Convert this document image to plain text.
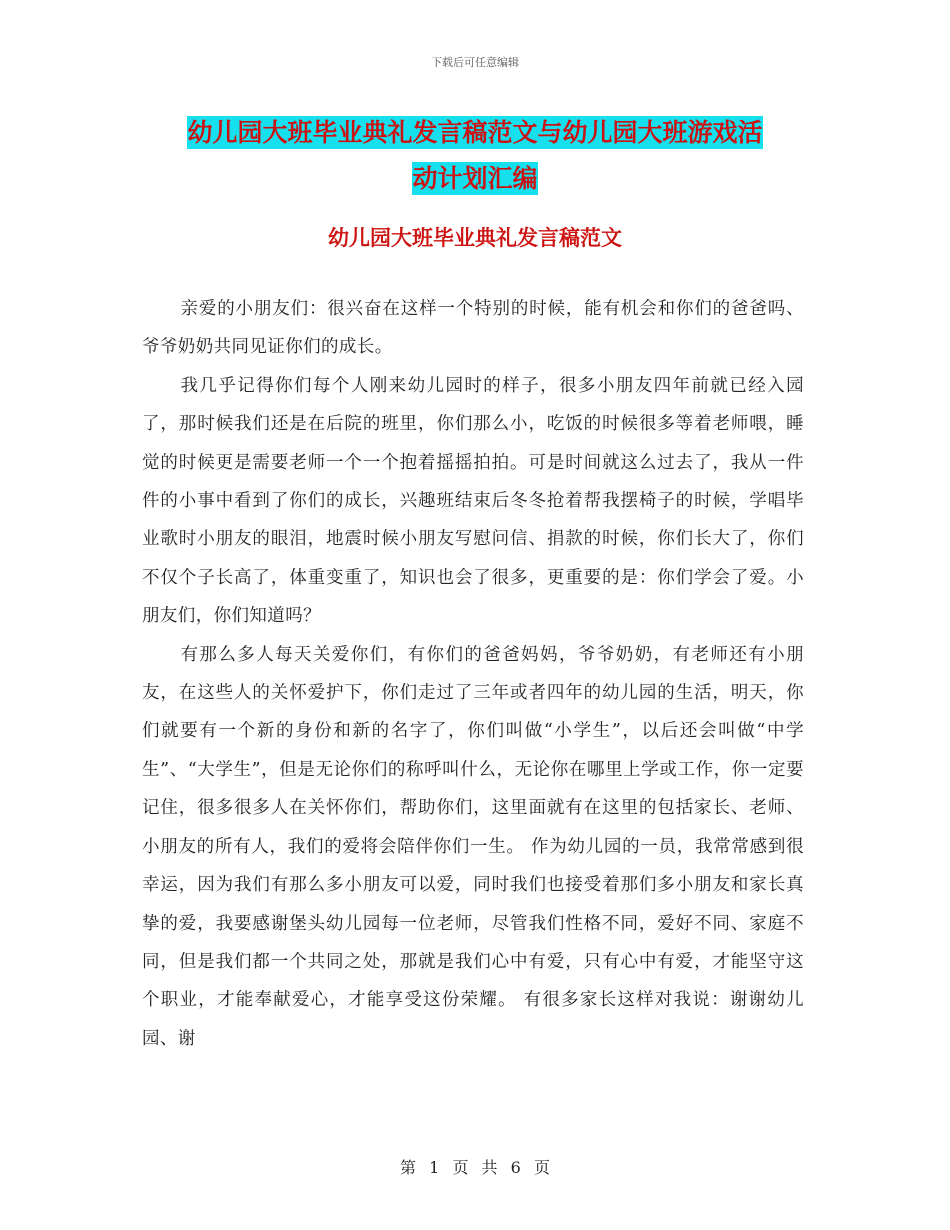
下载后可任意编辑
幼儿园大班毕业典礼发言稿范文与幼儿园大班游戏活
动计划汇编
幼儿园大班毕业典礼发言稿范文

亲爱的小朋友们：很兴奋在这样一个特别的时候，能有机会和你们的爸爸吗、爷爷奶奶共同见证你们的成长。

我几乎记得你们每个人刚来幼儿园时的样子，很多小朋友四年前就已经入园了，那时候我们还是在后院的班里，你们那么小，吃饭的时候很多等着老师喂，睡觉的时候更是需要老师一个一个抱着摇摇拍拍。可是时间就这么过去了，我从一件件的小事中看到了你们的成长，兴趣班结束后冬冬抢着帮我摆椅子的时候，学唱毕业歌时小朋友的眼泪，地震时候小朋友写慰问信、捐款的时候，你们长大了，你们不仅个子长高了，体重变重了，知识也会了很多，更重要的是：你们学会了爱。小朋友们，你们知道吗？

有那么多人每天关爱你们，有你们的爸爸妈妈，爷爷奶奶，有老师还有小朋友，在这些人的关怀爱护下，你们走过了三年或者四年的幼儿园的生活，明天，你们就要有一个新的身份和新的名字了，你们叫做“小学生”，以后还会叫做“中学生”、“大学生”，但是无论你们的称呼叫什么，无论你在哪里上学或工作，你一定要记住，很多很多人在关怀你们，帮助你们，这里面就有在这里的包括家长、老师、小朋友的所有人，我们的爱将会陪伴你们一生。 作为幼儿园的一员，我常常感到很幸运，因为我们有那么多小朋友可以爱，同时我们也接受着那们多小朋友和家长真挚的爱，我要感谢堡头幼儿园每一位老师，尽管我们性格不同，爱好不同、家庭不同，但是我们都一个共同之处，那就是我们心中有爱，只有心中有爱，才能坚守这个职业，才能奉献爱心，才能享受这份荣耀。 有很多家长这样对我说：谢谢幼儿园、谢

第 1 页 共 6 页
